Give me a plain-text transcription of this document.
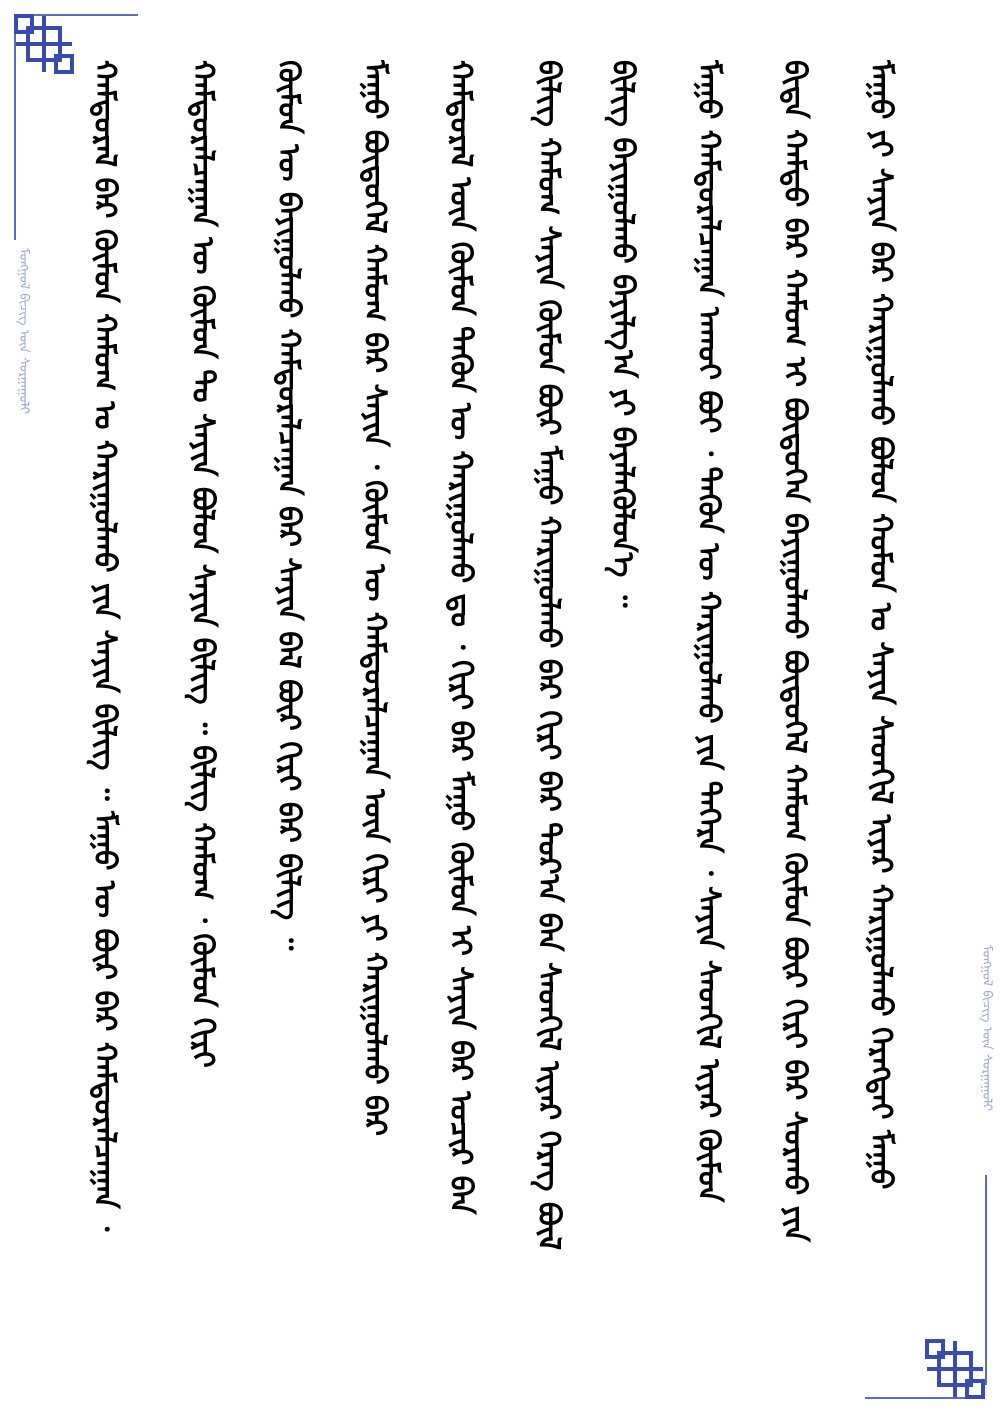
ᠮᠣᠩᠭᠣᠯ ᠪᠢᠴᠢᠭ ᠦᠨ ᠰᠤᠷᠭᠠᠭᠤᠯᠢ
ᠮᠣᠩᠭᠣᠯ ᠪᠢᠴᠢᠭ ᠦᠨ ᠰᠤᠷᠭᠠᠭᠤᠯᠢ
ᠮᠠᠭᠤ ᠶᠢ ᠰᠠᠶᠢᠨ ᠪᠡᠷ ᠬᠠᠷᠢᠭᠤᠯᠬᠤ ᠪᠤᠯᠤᠨ ᠬᠤᠮᠤᠨ ᠤ ᠰᠠᠶᠢᠨ ᠰᠡᠳᠬᠢᠯ ᠢᠶᠡᠷ ᠬᠠᠷᠢᠭᠤᠯᠬᠤ ᠬᠡᠷᠡᠭᠲᠡᠢ ᠮᠠᠭᠤ
ᠪᠢᠳᠡ ᠬᠠᠮᠲᠤ ᠪᠠᠷ ᠬᠠᠮᠤᠭ ᠢ ᠪᠦᠲᠦᠭᠡᠨ ᠪᠠᠶᠢᠭᠤᠯᠬᠤ ᠪᠦᠲᠦᠭᠡᠯ ᠬᠠᠮᠤᠭ ᠬᠦᠮᠦᠨ ᠪᠦᠷ ᠬᠢᠷᠢ ᠪᠡᠷ ᠰᠤᠷᠬᠤ ᠶᠢᠨ
ᠮᠠᠭᠤ ᠬᠠᠮᠲᠤᠷᠠᠯᠴᠠᠭᠠᠨ ᠠᠬᠤᠢ ᠪᠤᠶ ᠂ ᠲᠡᠭᠦᠨ ᠦ ᠬᠠᠷᠢᠭᠤᠯᠬᠤ ᠶᠢᠨ ᠳᠡᠭᠡᠷᠡ ᠂ ᠰᠠᠶᠢᠨ ᠰᠡᠳᠬᠢᠯ ᠢᠶᠡᠷ ᠬᠦᠮᠦᠨ
ᠪᠢᠯᠢᠭ ᠪᠠᠶᠢᠭᠤᠯᠬᠤ ᠪᠠᠶᠢᠯᠭ᠎ᠠ ᠶᠢ ᠪᠡᠶᠡᠯᠡᠭᠦᠯᠦᠨ᠎ᠡ ᠃
ᠪᠢᠯᠢᠭ ᠬᠠᠮᠤᠭ ᠰᠠᠶᠢᠨ ᠬᠦᠮᠦᠨ ᠪᠦᠷ ᠮᠠᠭᠤ ᠬᠠᠷᠢᠭᠤᠯᠬᠤ ᠪᠠᠷ ᠬᠢᠷᠢ ᠪᠡᠷ ᠳᠤᠷ᠎ᠠ ᠪᠠᠨ ᠰᠡᠳᠬᠢᠯ ᠢᠶᠡᠷ ᠬᠡᠷᠡᠭ ᠪᠦᠯ
ᠬᠠᠮᠲᠤᠷᠠᠯ ᠦᠨ ᠬᠦᠮᠦᠨ ᠲᠡᠭᠦᠨ ᠦ ᠬᠠᠷᠢᠭᠤᠯᠬᠤ ᠳᠤ ᠂ ᠬᠢᠷᠢ ᠪᠡᠷ ᠮᠠᠭᠤ ᠬᠦᠮᠦᠨ ᠢ ᠰᠠᠶᠢᠨ ᠪᠠᠷ ᠤᠴᠢᠷ ᠪᠠᠨ
ᠮᠠᠭᠤ ᠪᠦᠲᠦᠭᠡᠯ ᠬᠠᠮᠤᠭ ᠪᠡᠷ ᠰᠠᠶᠢᠨ ᠂ ᠬᠦᠮᠦᠨ ᠦ ᠬᠠᠮᠲᠤᠷᠠᠯᠴᠠᠭᠠᠨ ᠦᠨ ᠬᠢᠷᠢ ᠶᠢ ᠬᠠᠷᠢᠭᠤᠯᠬᠤ ᠪᠠᠷ
ᠬᠦᠮᠦᠨ ᠦ ᠪᠠᠶᠢᠭᠤᠯᠬᠤ ᠬᠠᠮᠲᠤᠷᠠᠯᠴᠠᠭᠠᠨ ᠪᠠᠷ ᠰᠠᠶᠢᠨ ᠪᠡᠯ ᠪᠦᠷ ᠬᠢᠷᠢ ᠪᠡᠷ ᠪᠢᠯᠢᠭ ᠃
ᠬᠠᠮᠲᠤᠷᠠᠯᠴᠠᠭᠠᠨ ᠦ ᠬᠦᠮᠦᠨ ᠲᠤ ᠰᠠᠶᠢᠨ ᠪᠤᠯᠤᠨ ᠰᠠᠶᠢᠨ ᠪᠢᠯᠢᠭ ᠃ ᠪᠢᠯᠢᠭ ᠬᠠᠮᠤᠭ ᠂ ᠬᠦᠮᠦᠨ ᠬᠢᠷᠢ
ᠬᠠᠮᠲᠤᠷᠠᠯ ᠪᠡᠷ ᠬᠦᠮᠦᠨ ᠬᠠᠮᠤᠭ ᠤ ᠬᠠᠷᠢᠭᠤᠯᠬᠤ ᠶᠢᠨ ᠰᠠᠶᠢᠨ ᠪᠢᠯᠢᠭ ᠃ ᠮᠠᠭᠤ ᠦ ᠪᠦᠷ ᠪᠡᠷ ᠬᠠᠮᠲᠤᠷᠠᠯᠴᠠᠭᠠᠨ ᠂
